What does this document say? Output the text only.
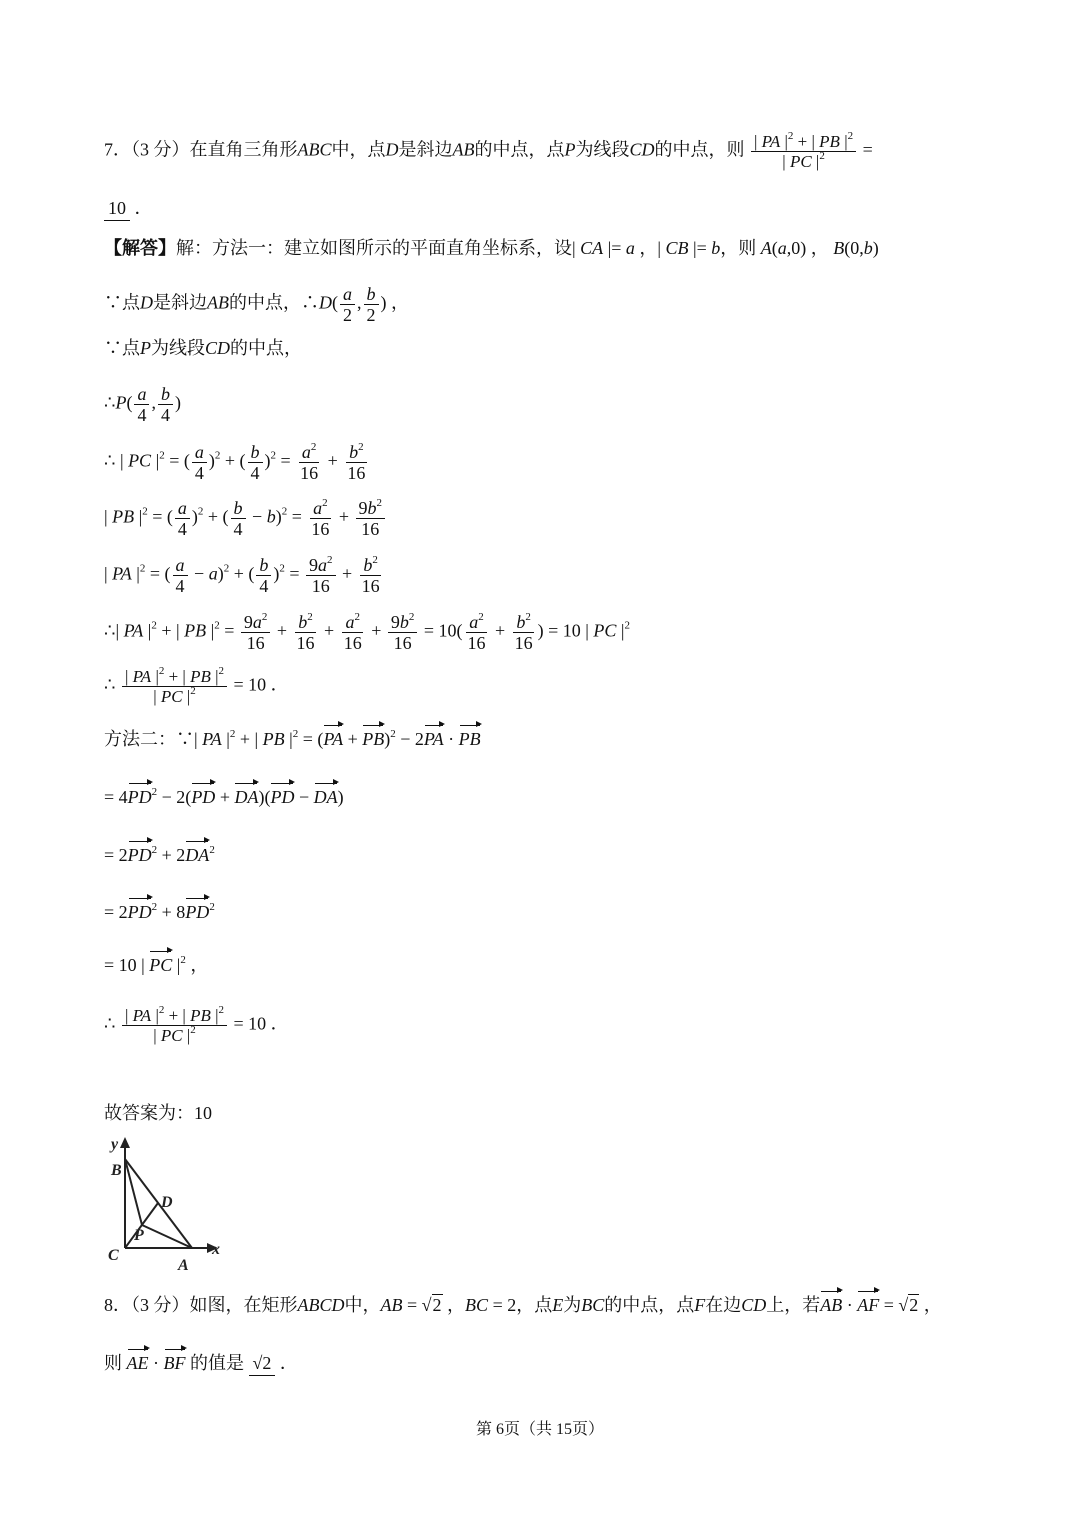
7．（3 分）在直角三角形ABC中，点D是斜边AB的中点，点P为线段CD的中点，则 $\frac{| PA |^2 + | PB |^2}{| PC |^2}$ =
10 ．
【解答】解：方法一：建立如图所示的平面直角坐标系，设| CA |= a ，| CB |= b，则 A(a,0) ， B(0,b)
∵点D是斜边AB的中点，∴D( $\frac{a}{2}$ , $\frac{b}{2}$ ) ，
∵点P为线段CD的中点，
∴P( $\frac{a}{4}$ , $\frac{b}{4}$ )
∴ | PC $|^2$ = ( $\frac{a}{4} )^2$ + ( $\frac{b}{4} )^2 = \frac{a^2}{16} + \frac{b^2}{16}$
| PB $|^2$ = ( $\frac{a}{4} )^2$ + ( $\frac{b}{4} - b)^2 = \frac{a^2}{16} + \frac{9b^2}{16}$
| PA $|^2$ = ( $\frac{a}{4} - a)^2$ + ( $\frac{b}{4} )^2 = \frac{9a^2}{16} + \frac{b^2}{16}$
∴| PA $|^2$ + | PB $|^2 = \frac{9a^2}{16} + \frac{b^2}{16} + \frac{a^2}{16} + \frac{9b^2}{16} = 10( \frac{a^2}{16} + \frac{b^2}{16}$ ) = 10 | PC $|^2$
∴ $\frac{| PA |^2 + | PB |^2}{| PC |^2} = 10$ ．
方法二：∵| PA $|^2$ + | PB $|^2 = (PA + PB)^2 - 2PA$ · PB
= $4PD^2 - 2(PD + DA)(PD - DA)$
= $2PD^2 + 2DA^2$
= $2PD^2 + 8PD^2$
= 10 | PC $|^2$ ，
∴ $\frac{| PA |^2 + | PB |^2}{| PC |^2} = 10$ ．
故答案为：10
y
x
B
C
A
D
P
8．（3 分）如图，在矩形ABCD中，AB = √2 ，BC = 2，点E为BC的中点，点F在边CD上，若AB · AF = √2 ，
则 AE · BF 的值是 √2 ．
第 6页（共 15页）
